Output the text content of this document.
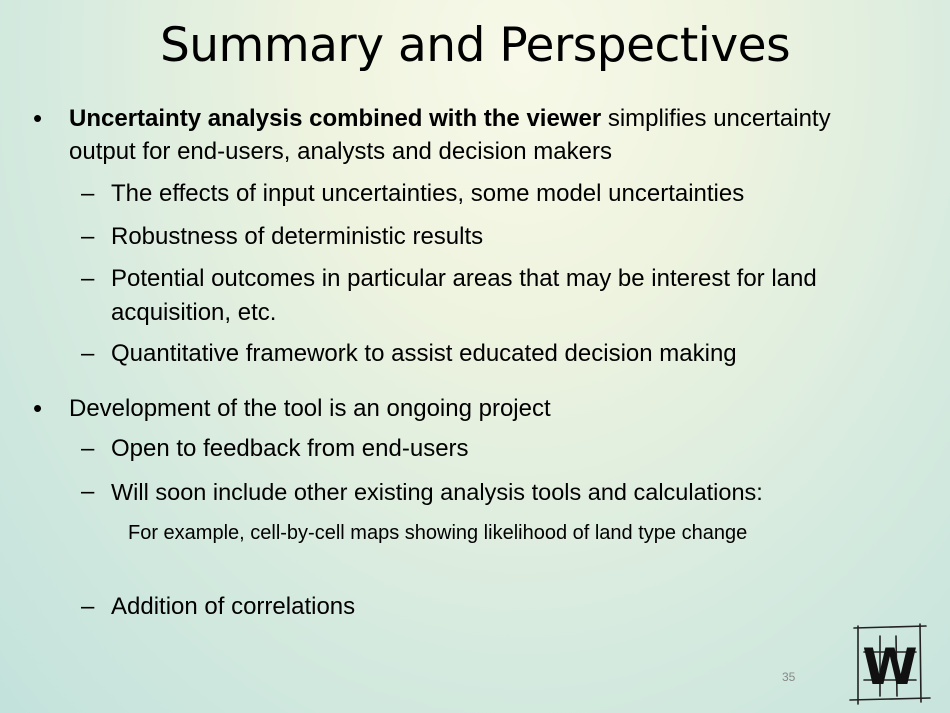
Summary and Perspectives
• Uncertainty analysis combined with the viewer simplifies uncertainty output for end-users, analysts and decision makers
– The effects of input uncertainties, some model uncertainties
– Robustness of deterministic results
– Potential outcomes in particular areas that may be interest for land acquisition, etc.
– Quantitative framework to assist educated decision making
• Development of the tool is an ongoing project
– Open to feedback from end-users
– Will soon include other existing analysis tools and calculations:
For example, cell-by-cell maps showing likelihood of land type change
– Addition of correlations
35 W
